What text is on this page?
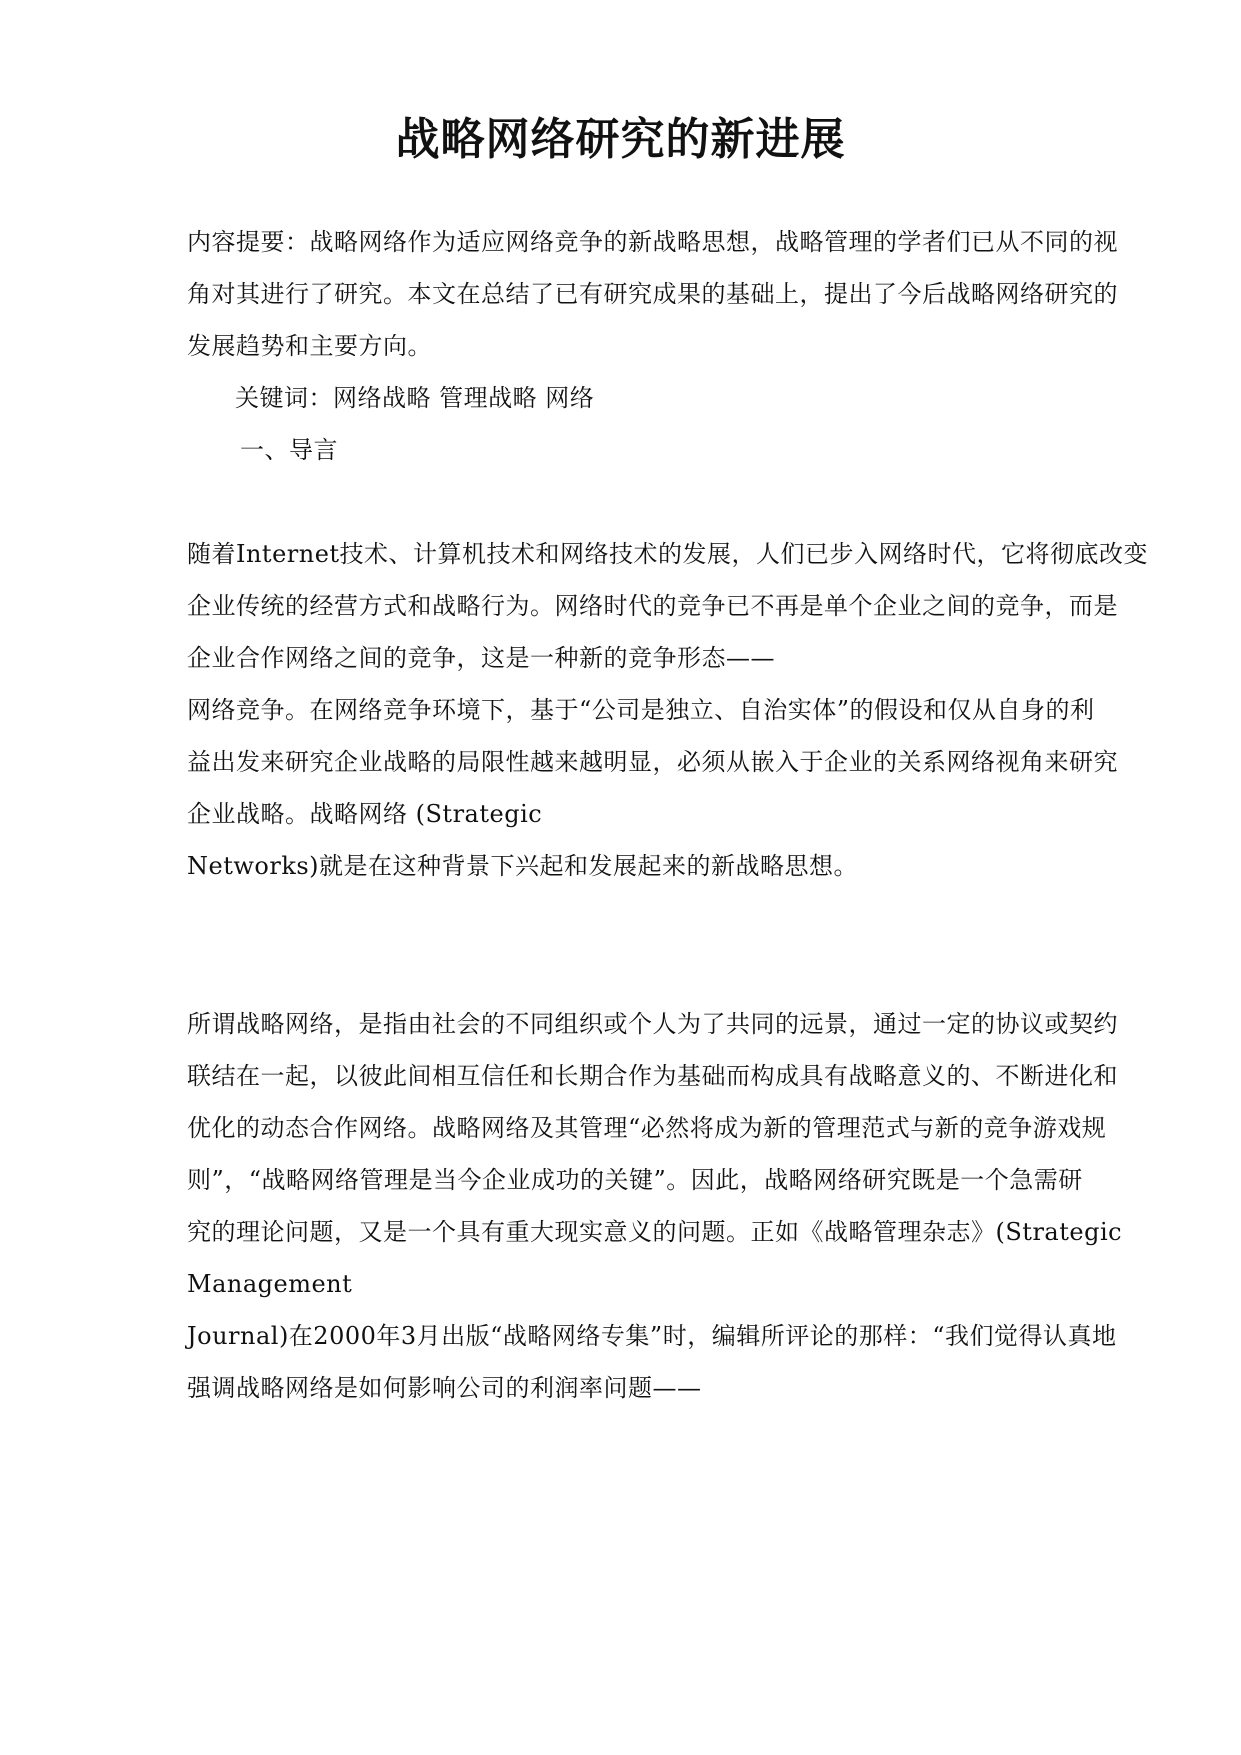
战略网络研究的新进展
内容提要：战略网络作为适应网络竞争的新战略思想，战略管理的学者们已从不同的视
角对其进行了研究。本文在总结了已有研究成果的基础上，提出了今后战略网络研究的
发展趋势和主要方向。
关键词：网络战略 管理战略 网络
一、导言
随着Internet技术、计算机技术和网络技术的发展，人们已步入网络时代，它将彻底改变
企业传统的经营方式和战略行为。网络时代的竞争已不再是单个企业之间的竞争，而是
企业合作网络之间的竞争，这是一种新的竞争形态——
网络竞争。在网络竞争环境下，基于“公司是独立、自治实体”的假设和仅从自身的利
益出发来研究企业战略的局限性越来越明显，必须从嵌入于企业的关系网络视角来研究
企业战略。战略网络 (Strategic
Networks)就是在这种背景下兴起和发展起来的新战略思想。
所谓战略网络，是指由社会的不同组织或个人为了共同的远景，通过一定的协议或契约
联结在一起，以彼此间相互信任和长期合作为基础而构成具有战略意义的、不断进化和
优化的动态合作网络。战略网络及其管理“必然将成为新的管理范式与新的竞争游戏规
则”，“战略网络管理是当今企业成功的关键”。因此，战略网络研究既是一个急需研
究的理论问题，又是一个具有重大现实意义的问题。正如《战略管理杂志》(Strategic
Management
Journal)在2000年3月出版“战略网络专集”时，编辑所评论的那样：“我们觉得认真地
强调战略网络是如何影响公司的利润率问题——
